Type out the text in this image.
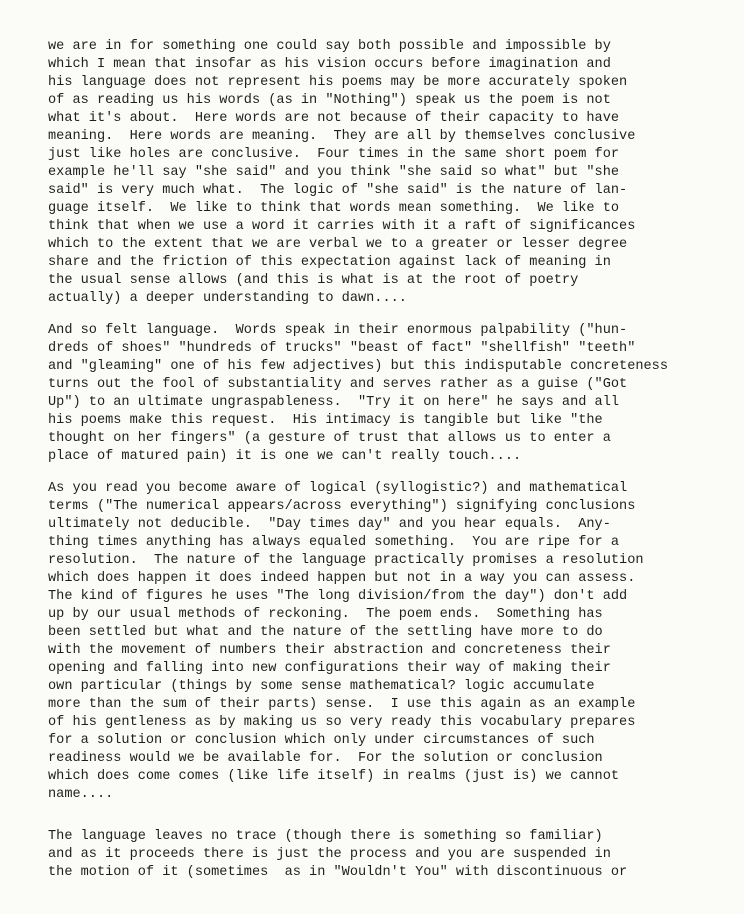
we are in for something one could say both possible and impossible by
which I mean that insofar as his vision occurs before imagination and
his language does not represent his poems may be more accurately spoken
of as reading us his words (as in "Nothing") speak us the poem is not
what it's about.  Here words are not because of their capacity to have
meaning.  Here words are meaning.  They are all by themselves conclusive
just like holes are conclusive.  Four times in the same short poem for
example he'll say "she said" and you think "she said so what" but "she
said" is very much what.  The logic of "she said" is the nature of lan-
guage itself.  We like to think that words mean something.  We like to
think that when we use a word it carries with it a raft of significances
which to the extent that we are verbal we to a greater or lesser degree
share and the friction of this expectation against lack of meaning in
the usual sense allows (and this is what is at the root of poetry
actually) a deeper understanding to dawn....
And so felt language.  Words speak in their enormous palpability ("hun-
dreds of shoes" "hundreds of trucks" "beast of fact" "shellfish" "teeth"
and "gleaming" one of his few adjectives) but this indisputable concreteness
turns out the fool of substantiality and serves rather as a guise ("Got
Up") to an ultimate ungraspableness.  "Try it on here" he says and all
his poems make this request.  His intimacy is tangible but like "the
thought on her fingers" (a gesture of trust that allows us to enter a
place of matured pain) it is one we can't really touch....
As you read you become aware of logical (syllogistic?) and mathematical
terms ("The numerical appears/across everything") signifying conclusions
ultimately not deducible.  "Day times day" and you hear equals.  Any-
thing times anything has always equaled something.  You are ripe for a
resolution.  The nature of the language practically promises a resolution
which does happen it does indeed happen but not in a way you can assess.
The kind of figures he uses "The long division/from the day") don't add
up by our usual methods of reckoning.  The poem ends.  Something has
been settled but what and the nature of the settling have more to do
with the movement of numbers their abstraction and concreteness their
opening and falling into new configurations their way of making their
own particular (things by some sense mathematical? logic accumulate
more than the sum of their parts) sense.  I use this again as an example
of his gentleness as by making us so very ready this vocabulary prepares
for a solution or conclusion which only under circumstances of such
readiness would we be available for.  For the solution or conclusion
which does come comes (like life itself) in realms (just is) we cannot
name....
The language leaves no trace (though there is something so familiar)
and as it proceeds there is just the process and you are suspended in
the motion of it (sometimes  as in "Wouldn't You" with discontinuous or
